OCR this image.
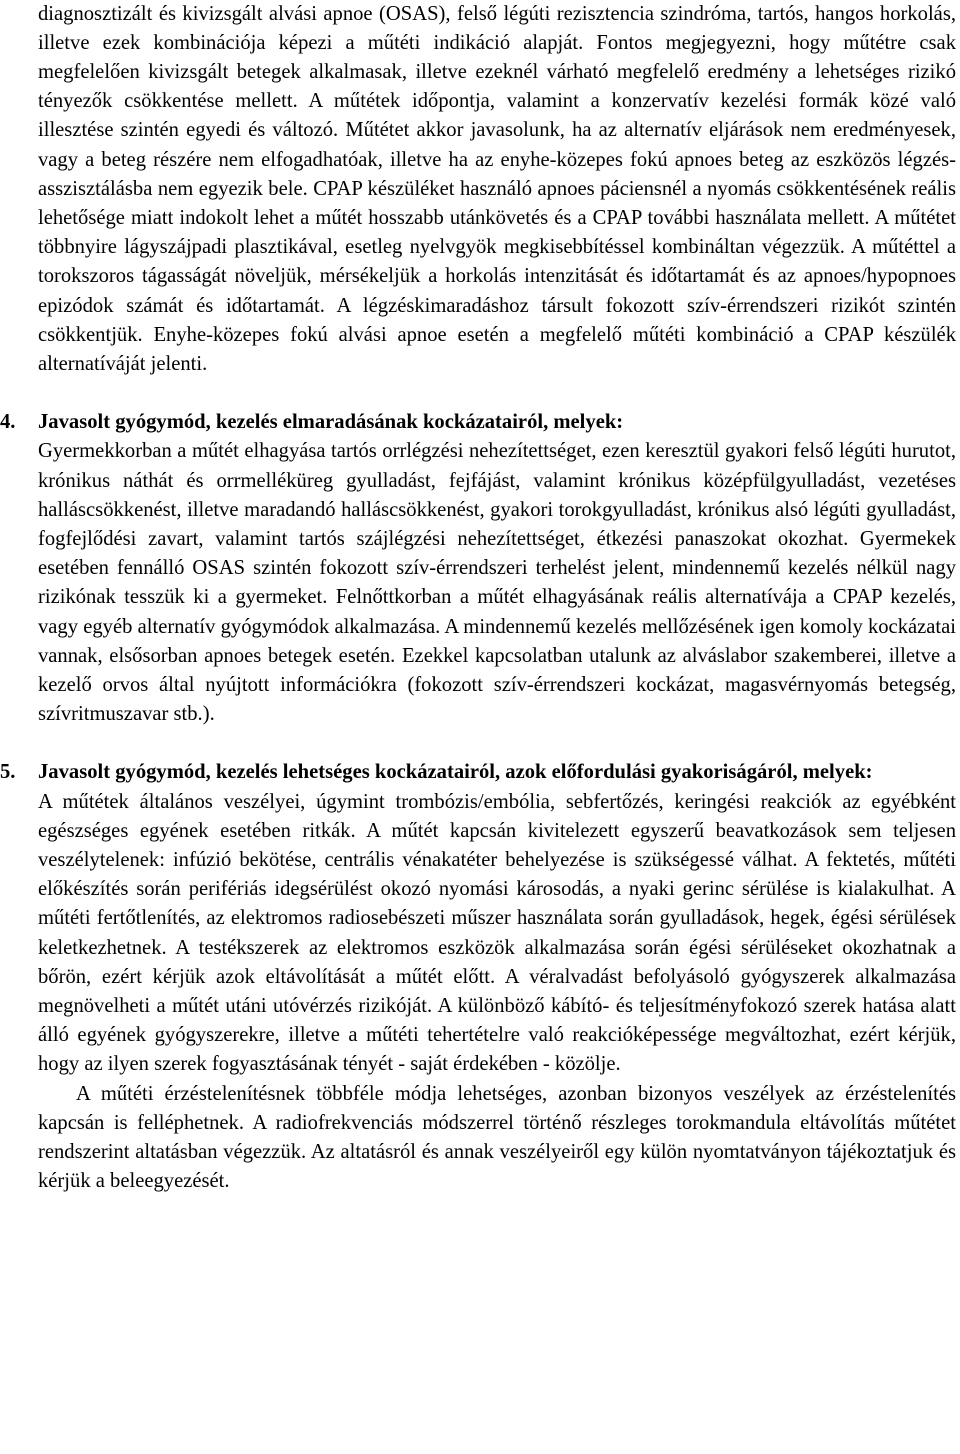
diagnosztizált és kivizsgált alvási apnoe (OSAS), felső légúti rezisztencia szindróma, tartós, hangos horkolás, illetve ezek kombinációja képezi a műtéti indikáció alapját. Fontos megjegyezni, hogy műtétre csak megfelelően kivizsgált betegek alkalmasak, illetve ezeknél várható megfelelő eredmény a lehetséges rizikó tényezők csökkentése mellett. A műtétek időpontja, valamint a konzervatív kezelési formák közé való illesztése szintén egyedi és változó. Műtétet akkor javasolunk, ha az alternatív eljárások nem eredményesek, vagy a beteg részére nem elfogadhatóak, illetve ha az enyhe-közepes fokú apnoes beteg az eszközös légzés-asszisztálásba nem egyezik bele. CPAP készüléket használó apnoes páciensnél a nyomás csökkentésének reális lehetősége miatt indokolt lehet a műtét hosszabb utánkövetés és a CPAP további használata mellett. A műtétet többnyire lágyszájpadi plasztikával, esetleg nyelvgyök megkisebbítéssel kombináltan végezzük. A műtéttel a torokszoros tágasságát növeljük, mérsékeljük a horkolás intenzitását és időtartamát és az apnoes/hypopnoes epizódok számát és időtartamát. A légzéskimaradáshoz társult fokozott szív-érrendszeri rizikót szintén csökkentjük. Enyhe-közepes fokú alvási apnoe esetén a megfelelő műtéti kombináció a CPAP készülék alternatíváját jelenti.

4.	Javasolt gyógymód, kezelés elmaradásának kockázatairól, melyek:

Gyermekkorban a műtét elhagyása tartós orrlégzési nehezítettséget, ezen keresztül gyakori felső légúti hurutot, krónikus náthát és orrmelléküreg gyulladást, fejfájást, valamint krónikus középfülgyulladást, vezetéses halláscsökkenést, illetve maradandó halláscsökkenést, gyakori torokgyulladást, krónikus alsó légúti gyulladást, fogfejlődési zavart, valamint tartós szájlégzési nehezítettséget, étkezési panaszokat okozhat. Gyermekek esetében fennálló OSAS szintén fokozott szív-érrendszeri terhelést jelent, mindennemű kezelés nélkül nagy rizikónak tesszük ki a gyermeket. Felnőttkorban a műtét elhagyásának reális alternatívája a CPAP kezelés, vagy egyéb alternatív gyógymódok alkalmazása. A mindennemű kezelés mellőzésének igen komoly kockázatai vannak, elsősorban apnoes betegek esetén. Ezekkel kapcsolatban utalunk az alváslabor szakemberei, illetve a kezelő orvos által nyújtott információkra (fokozott szív-érrendszeri kockázat, magasvérnyomás betegség, szívritmuszavar stb.).

5.	Javasolt gyógymód, kezelés lehetséges kockázatairól, azok előfordulási gyakoriságáról, melyek:

A műtétek általános veszélyei, úgymint trombózis/embólia, sebfertőzés, keringési reakciók az egyébként egészséges egyének esetében ritkák. A műtét kapcsán kivitelezett egyszerű beavatkozások sem teljesen veszélytelenek: infúzió bekötése, centrális vénakatéter behelyezése is szükségessé válhat. A fektetés, műtéti előkészítés során perifériás idegsérülést okozó nyomási károsodás, a nyaki gerinc sérülése is kialakulhat. A műtéti fertőtlenítés, az elektromos radiosebészeti műszer használata során gyulladások, hegek, égési sérülések keletkezhetnek. A testékszerek az elektromos eszközök alkalmazása során égési sérüléseket okozhatnak a bőrön, ezért kérjük azok eltávolítását a műtét előtt. A véralvadást befolyásoló gyógyszerek alkalmazása megnövelheti a műtét utáni utóvérzés rizikóját. A különböző kábító- és teljesítményfokozó szerek hatása alatt álló egyének gyógyszerekre, illetve a műtéti tehertételre való reakcióképessége megváltozhat, ezért kérjük, hogy az ilyen szerek fogyasztásának tényét - saját érdekében - közölje.

A műtéti érzéstelenítésnek többféle módja lehetséges, azonban bizonyos veszélyek az érzéstelenítés kapcsán is felléphetnek. A radiofrekvenciás módszerrel történő részleges torokmandula eltávolítás műtétet rendszerint altatásban végezzük. Az altatásról és annak veszélyeiről egy külön nyomtatványon tájékoztatjuk és kérjük a beleegyezését.
